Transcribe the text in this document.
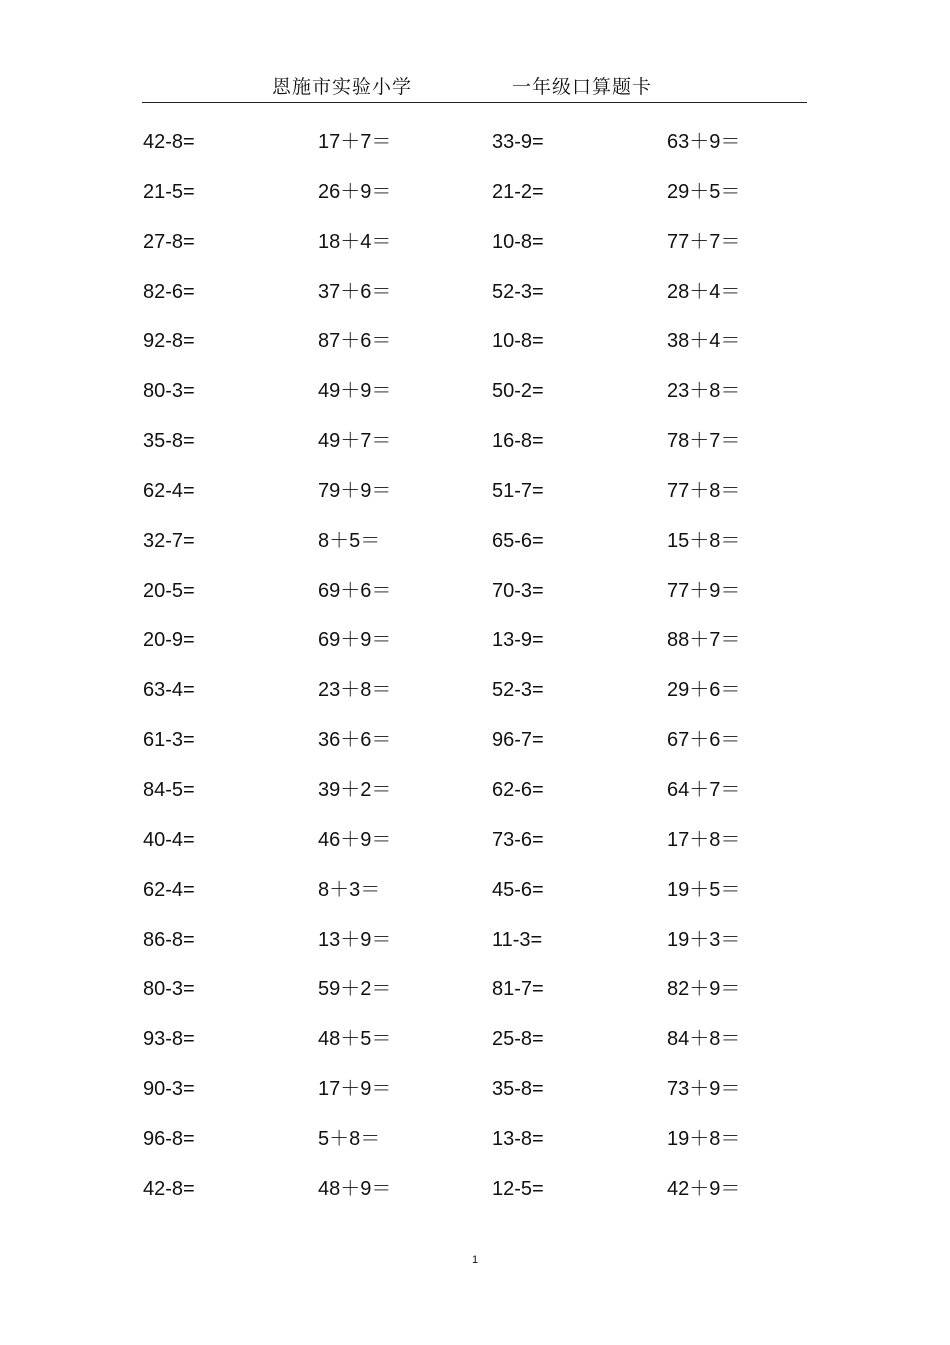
恩施市实验小学	一年级口算题卡
42-8=	17＋7＝	33-9=	63＋9＝
21-5=	26＋9＝	21-2=	29＋5＝
27-8=	18＋4＝	10-8=	77＋7＝
82-6=	37＋6＝	52-3=	28＋4＝
92-8=	87＋6＝	10-8=	38＋4＝
80-3=	49＋9＝	50-2=	23＋8＝
35-8=	49＋7＝	16-8=	78＋7＝
62-4=	79＋9＝	51-7=	77＋8＝
32-7=	8＋5＝	65-6=	15＋8＝
20-5=	69＋6＝	70-3=	77＋9＝
20-9=	69＋9＝	13-9=	88＋7＝
63-4=	23＋8＝	52-3=	29＋6＝
61-3=	36＋6＝	96-7=	67＋6＝
84-5=	39＋2＝	62-6=	64＋7＝
40-4=	46＋9＝	73-6=	17＋8＝
62-4=	8＋3＝	45-6=	19＋5＝
86-8=	13＋9＝	11-3=	19＋3＝
80-3=	59＋2＝	81-7=	82＋9＝
93-8=	48＋5＝	25-8=	84＋8＝
90-3=	17＋9＝	35-8=	73＋9＝
96-8=	5＋8＝	13-8=	19＋8＝
42-8=	48＋9＝	12-5=	42＋9＝
1
